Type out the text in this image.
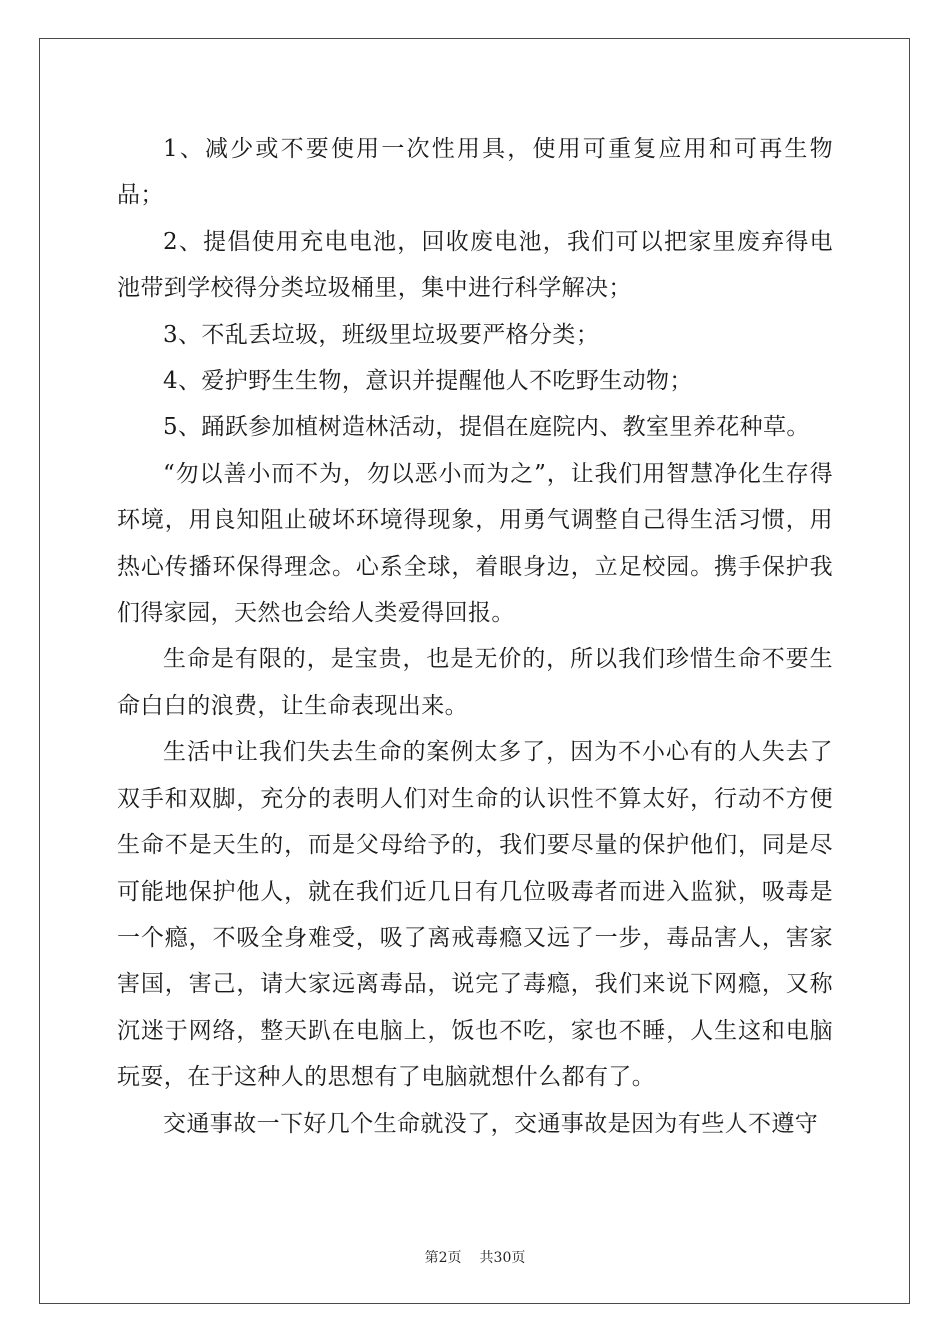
1、减少或不要使用一次性用具，使用可重复应用和可再生物品；

2、提倡使用充电电池，回收废电池，我们可以把家里废弃得电池带到学校得分类垃圾桶里，集中进行科学解决；

3、不乱丢垃圾，班级里垃圾要严格分类；

4、爱护野生生物，意识并提醒他人不吃野生动物；

5、踊跃参加植树造林活动，提倡在庭院内、教室里养花种草。

“勿以善小而不为，勿以恶小而为之”，让我们用智慧净化生存得环境，用良知阻止破坏环境得现象，用勇气调整自己得生活习惯，用热心传播环保得理念。心系全球，着眼身边，立足校园。携手保护我们得家园，天然也会给人类爱得回报。

生命是有限的，是宝贵，也是无价的，所以我们珍惜生命不要生命白白的浪费，让生命表现出来。

生活中让我们失去生命的案例太多了，因为不小心有的人失去了双手和双脚，充分的表明人们对生命的认识性不算太好，行动不方便生命不是天生的，而是父母给予的，我们要尽量的保护他们，同是尽可能地保护他人，就在我们近几日有几位吸毒者而进入监狱，吸毒是一个瘾，不吸全身难受，吸了离戒毒瘾又远了一步，毒品害人，害家害国，害己，请大家远离毒品，说完了毒瘾，我们来说下网瘾，又称沉迷于网络，整天趴在电脑上，饭也不吃，家也不睡，人生这和电脑玩耍，在于这种人的思想有了电脑就想什么都有了。

交通事故一下好几个生命就没了，交通事故是因为有些人不遵守

第2页 共30页
